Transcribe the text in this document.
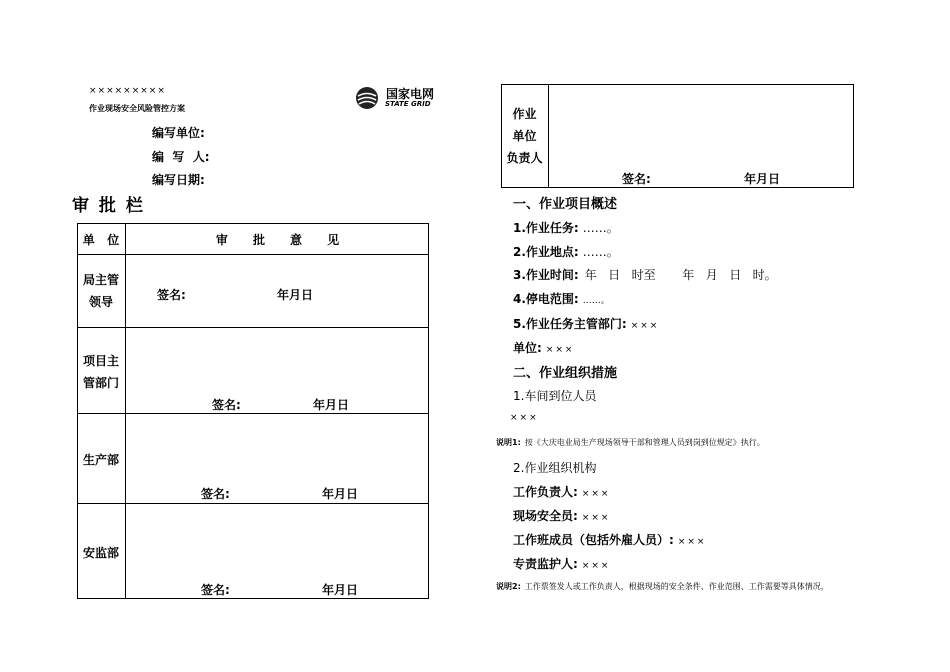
×××××××××
作业现场安全风险管控方案
国家电网
STATE GRID
编写单位:
编  写  人:
编写日期:
审 批 栏
单   位	审      批      意      见
局主管
领导	签名:	年月日
项目主
管部门
签名:	年月日
生产部
签名:	年月日
安监部
签名:	年月日
作业
单位
负责人
签名:	年月日
一、作业项目概述
1.作业任务: ……。
2.作业地点: ……。
3.作业时间: 年   日   时至       年   月   日   时。
4.停电范围: ……。
5.作业任务主管部门: ×××
单位: ×××
二、作业组织措施
1.车间到位人员
×××
说明1: 按《大庆电业局生产现场领导干部和管理人员到岗到位规定》执行。
2.作业组织机构
工作负责人: ×××
现场安全员: ×××
工作班成员（包括外雇人员）: ×××
专责监护人: ×××
说明2: 工作票签发人或工作负责人，根据现场的安全条件、作业范围、工作需要等具体情况，
